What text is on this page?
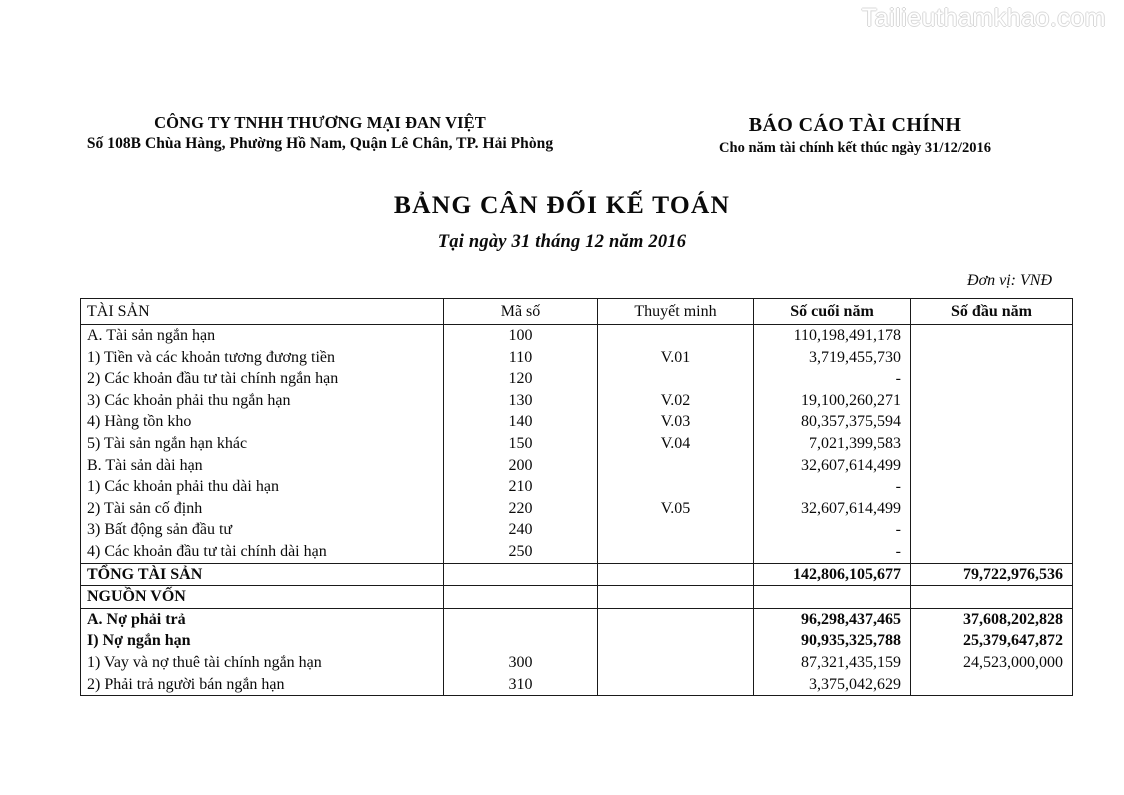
Tailieuthamkhao.com
CÔNG TY TNHH THƯƠNG MẠI ĐAN VIỆT
Số 108B Chùa Hàng, Phường Hồ Nam, Quận Lê Chân, TP. Hải Phòng
BÁO CÁO TÀI CHÍNH
Cho năm tài chính kết thúc ngày 31/12/2016
BẢNG CÂN ĐỐI KẾ TOÁN
Tại ngày 31 tháng 12 năm 2016
Đơn vị: VNĐ
TÀI SẢN	Mã số	Thuyết minh	Số cuối năm	Số đầu năm
A. Tài sản ngắn hạn	100		110,198,491,178	
1) Tiền và các khoản tương đương tiền	110	V.01	3,719,455,730	
2) Các khoản đầu tư tài chính ngắn hạn	120		-	
3) Các khoản phải thu ngắn hạn	130	V.02	19,100,260,271	
4) Hàng tồn kho	140	V.03	80,357,375,594	
5) Tài sản ngắn hạn khác	150	V.04	7,021,399,583	
B. Tài sản dài hạn	200		32,607,614,499	
1) Các khoản phải thu dài hạn	210		-	
2) Tài sản cố định	220	V.05	32,607,614,499	
3) Bất động sản đầu tư	240		-	
4) Các khoản đầu tư tài chính dài hạn	250		-	
TỔNG TÀI SẢN			142,806,105,677	79,722,976,536
NGUỒN VỐN				
A. Nợ phải trả			96,298,437,465	37,608,202,828
I) Nợ ngắn hạn			90,935,325,788	25,379,647,872
1) Vay và nợ thuê tài chính ngắn hạn	300		87,321,435,159	24,523,000,000
2) Phải trả người bán ngắn hạn	310		3,375,042,629	
